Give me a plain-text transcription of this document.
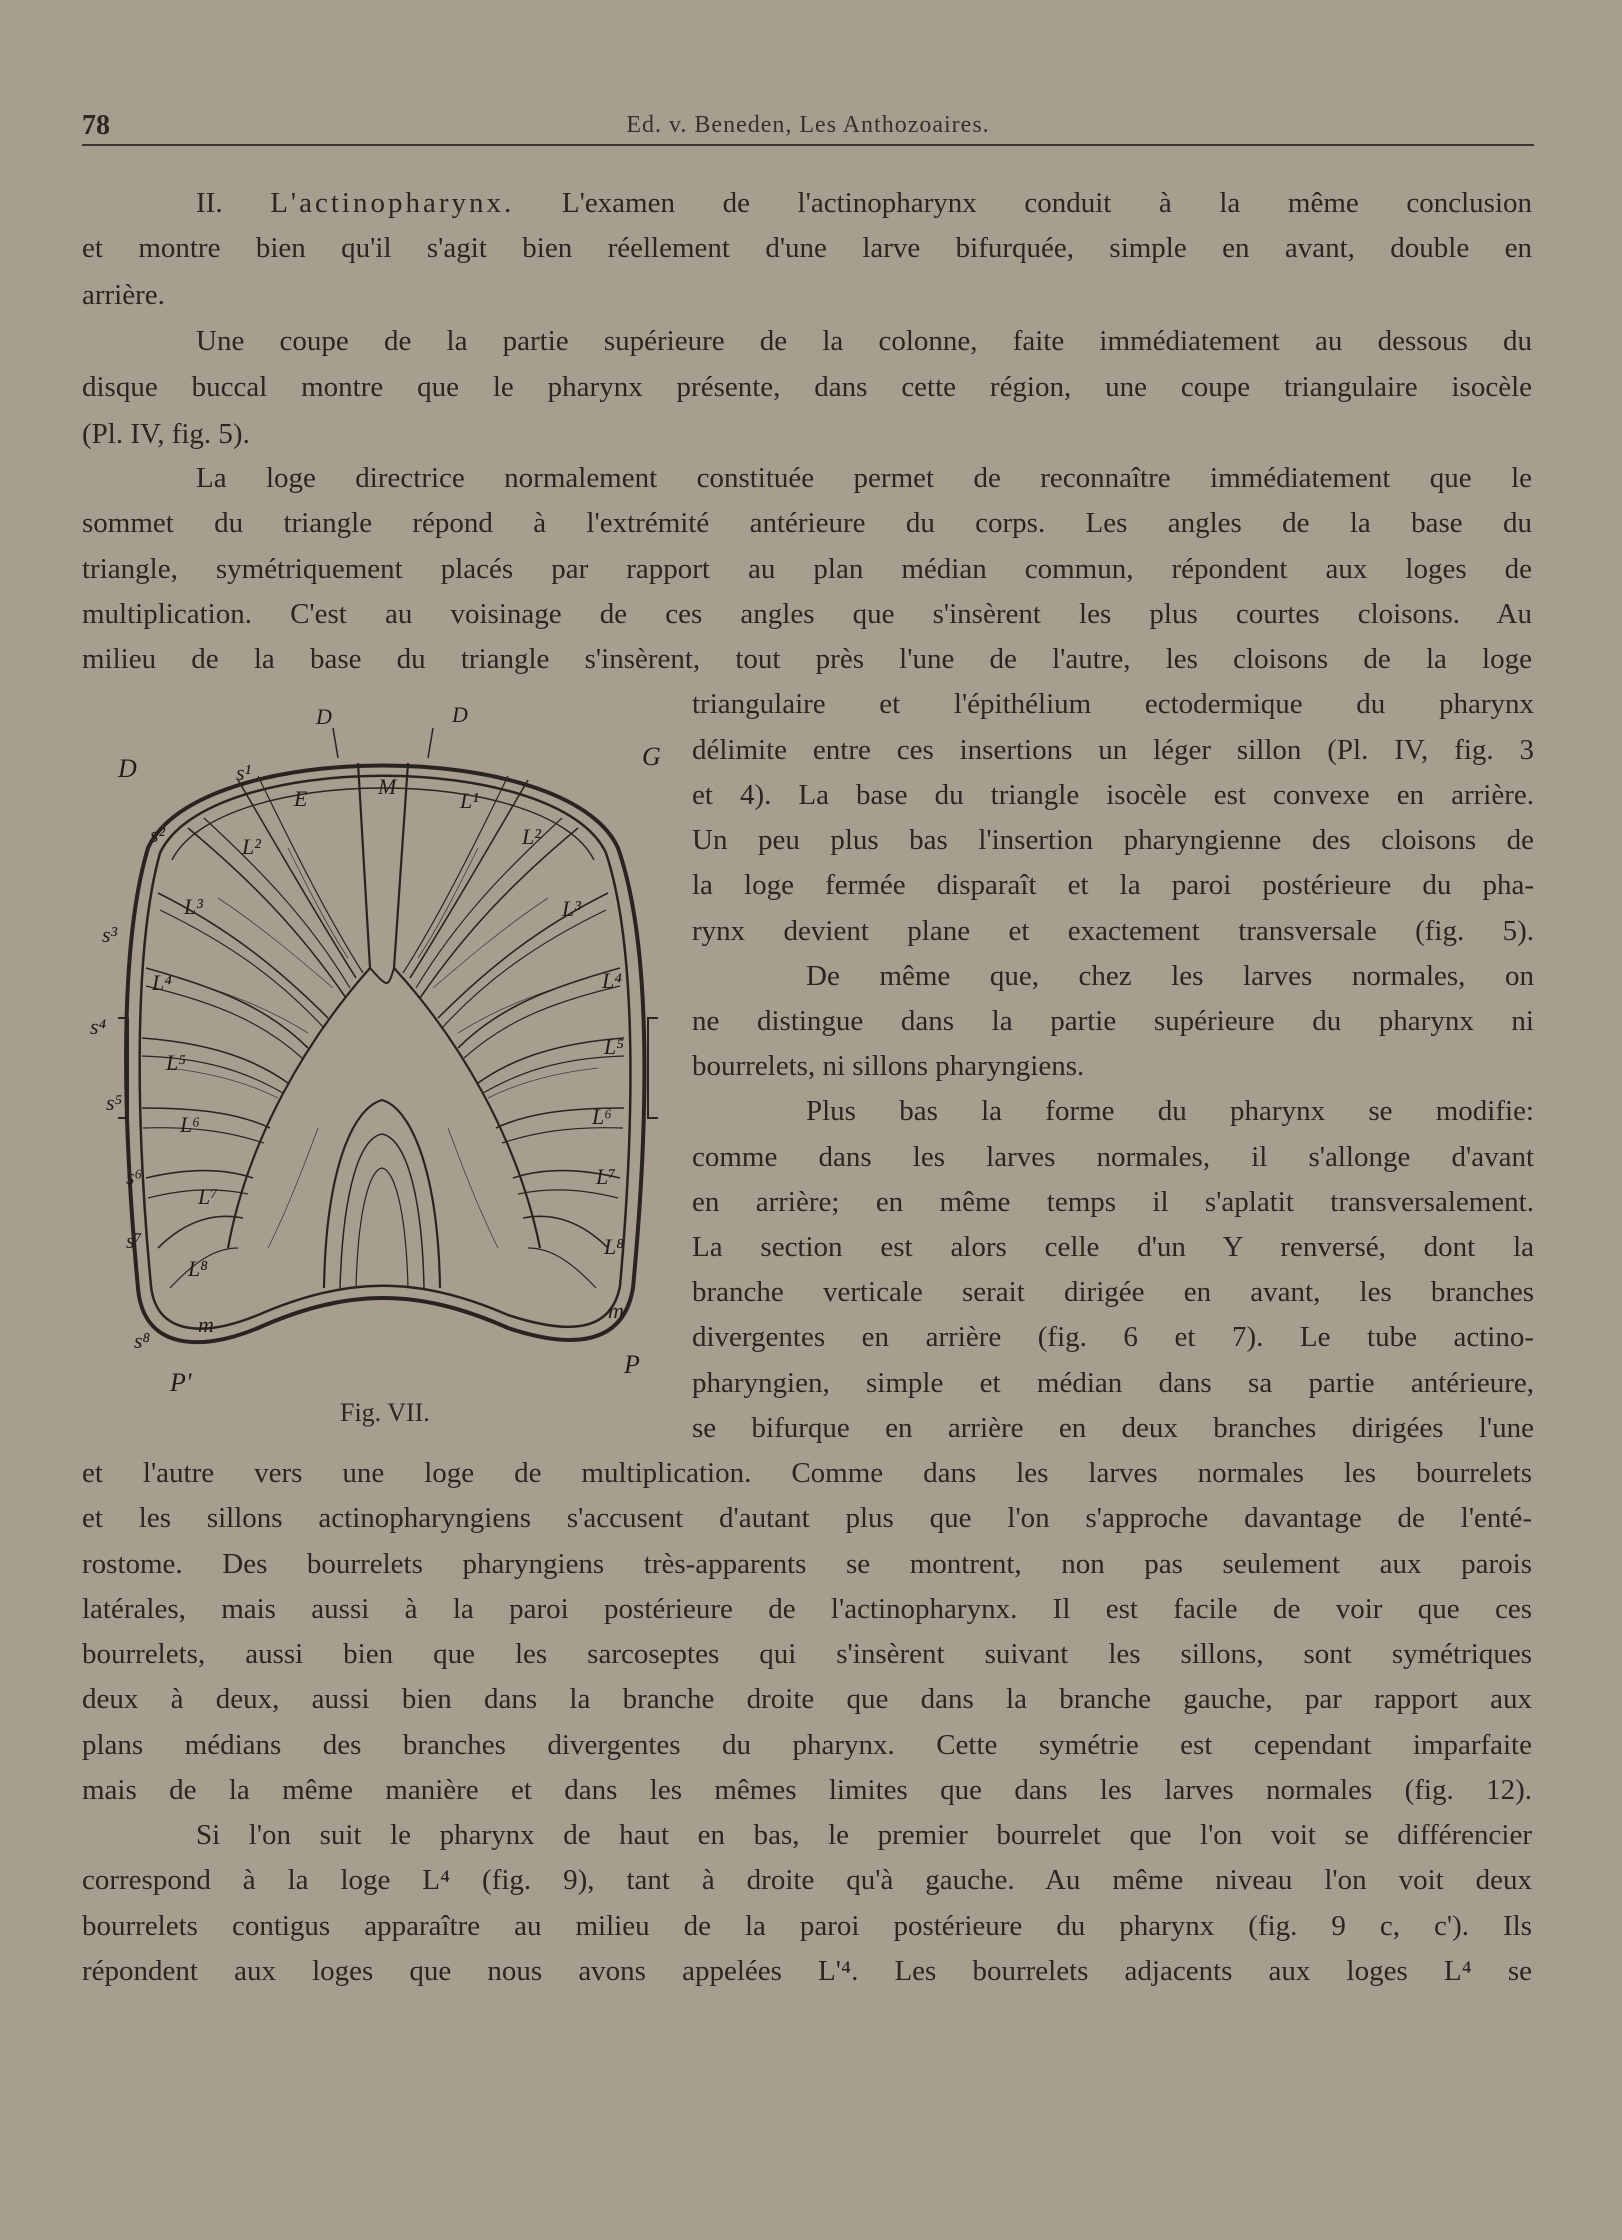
78	Ed. v. Beneden, Les Anthozoaires.
II. L'actinopharynx. L'examen de l'actinopharynx conduit à la même conclusion
et montre bien qu'il s'agit bien réellement d'une larve bifurquée, simple en avant, double en
arrière.
Une coupe de la partie supérieure de la colonne, faite immédiatement au dessous du
disque buccal montre que le pharynx présente, dans cette région, une coupe triangulaire isocèle
(Pl. IV, fig. 5).
La loge directrice normalement constituée permet de reconnaître immédiatement que le
sommet du triangle répond à l'extrémité antérieure du corps. Les angles de la base du
triangle, symétriquement placés par rapport au plan médian commun, répondent aux loges de
multiplication. C'est au voisinage de ces angles que s'insèrent les plus courtes cloisons. Au
milieu de la base du triangle s'insèrent, tout près l'une de l'autre, les cloisons de la loge
triangulaire et l'épithélium ectodermique du pharynx
délimite entre ces insertions un léger sillon (Pl. IV, fig. 3
et 4). La base du triangle isocèle est convexe en arrière.
Un peu plus bas l'insertion pharyngienne des cloisons de
la loge fermée disparaît et la paroi postérieure du pha-
rynx devient plane et exactement transversale (fig. 5).
De même que, chez les larves normales, on
ne distingue dans la partie supérieure du pharynx ni
bourrelets, ni sillons pharyngiens.
Plus bas la forme du pharynx se modifie:
comme dans les larves normales, il s'allonge d'avant
en arrière; en même temps il s'aplatit transversalement.
La section est alors celle d'un Y renversé, dont la
branche verticale serait dirigée en avant, les branches
divergentes en arrière (fig. 6 et 7). Le tube actino-
pharyngien, simple et médian dans sa partie antérieure,
se bifurque en arrière en deux branches dirigées l'une
et l'autre vers une loge de multiplication. Comme dans les larves normales les bourrelets
et les sillons actinopharyngiens s'accusent d'autant plus que l'on s'approche davantage de l'enté-
rostome. Des bourrelets pharyngiens très-apparents se montrent, non pas seulement aux parois
latérales, mais aussi à la paroi postérieure de l'actinopharynx. Il est facile de voir que ces
bourrelets, aussi bien que les sarcoseptes qui s'insèrent suivant les sillons, sont symétriques
deux à deux, aussi bien dans la branche droite que dans la branche gauche, par rapport aux
plans médians des branches divergentes du pharynx. Cette symétrie est cependant imparfaite
mais de la même manière et dans les mêmes limites que dans les larves normales (fig. 12).
Si l'on suit le pharynx de haut en bas, le premier bourrelet que l'on voit se différencier
correspond à la loge L⁴ (fig. 9), tant à droite qu'à gauche. Au même niveau l'on voit deux
bourrelets contigus apparaître au milieu de la paroi postérieure du pharynx (fig. 9 c, c'). Ils
répondent aux loges que nous avons appelées L'⁴. Les bourrelets adjacents aux loges L⁴ se
D
D	D
G
P'
P
s¹
s²
s³
s⁴
s⁵
s⁶
s⁷
s⁸
M
E	L¹
L²
L³
L⁴
L⁵
L⁶
L⁷
L⁸
m
L²
L³
L⁴
L⁵
L⁶
L⁷
L⁸
m
Fig. VII.
